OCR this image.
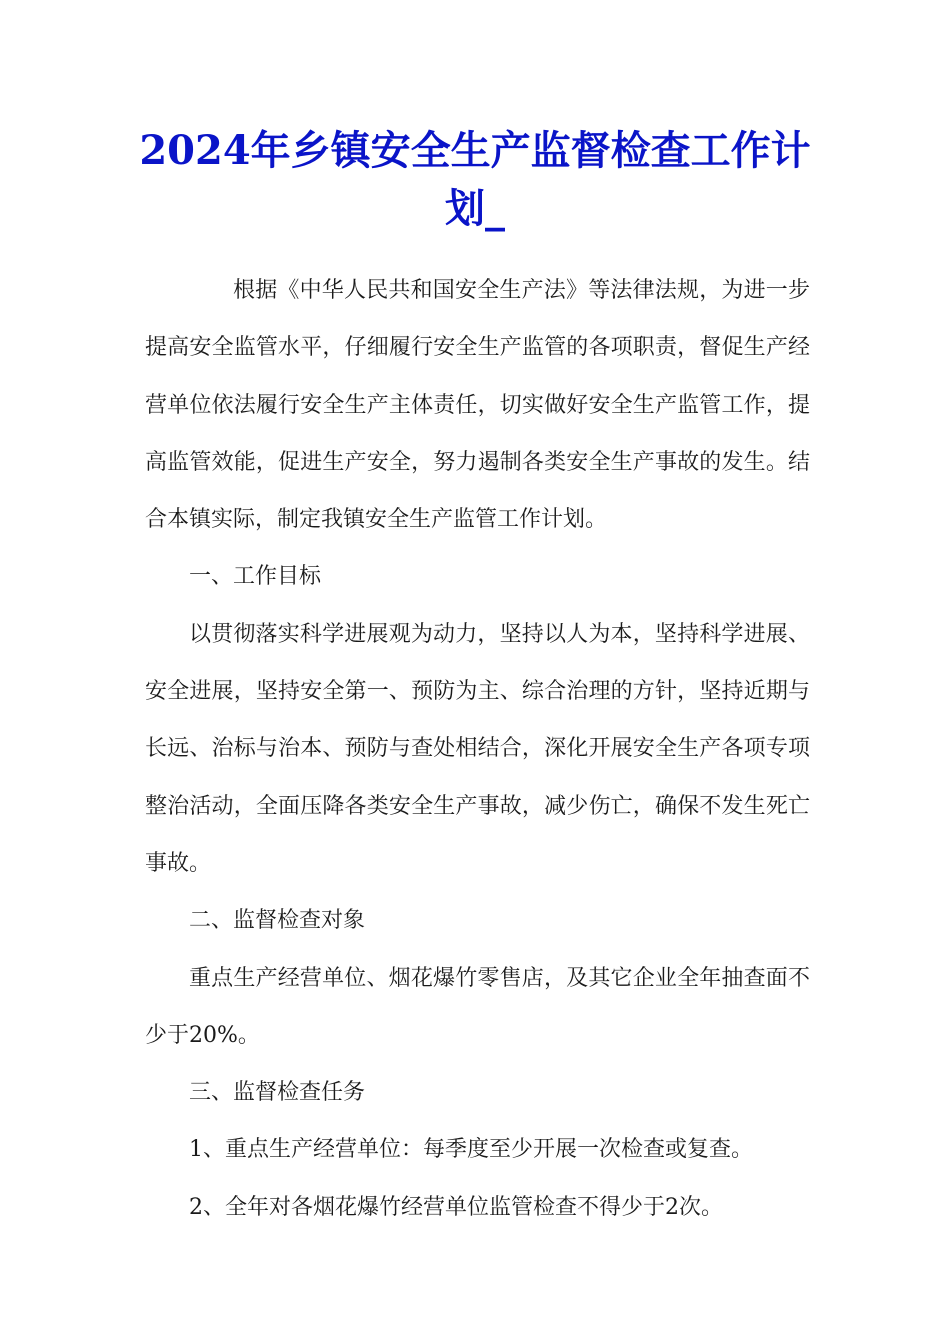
2024年乡镇安全生产监督检查工作计划_

根据《中华人民共和国安全生产法》等法律法规，为进一步提高安全监管水平，仔细履行安全生产监管的各项职责，督促生产经营单位依法履行安全生产主体责任，切实做好安全生产监管工作，提高监管效能，促进生产安全，努力遏制各类安全生产事故的发生。结合本镇实际，制定我镇安全生产监管工作计划。

一、工作目标

以贯彻落实科学进展观为动力，坚持以人为本，坚持科学进展、安全进展，坚持安全第一、预防为主、综合治理的方针，坚持近期与长远、治标与治本、预防与查处相结合，深化开展安全生产各项专项整治活动，全面压降各类安全生产事故，减少伤亡，确保不发生死亡事故。

二、监督检查对象

重点生产经营单位、烟花爆竹零售店，及其它企业全年抽查面不少于20%。

三、监督检查任务

1、重点生产经营单位：每季度至少开展一次检查或复查。

2、全年对各烟花爆竹经营单位监管检查不得少于2次。
